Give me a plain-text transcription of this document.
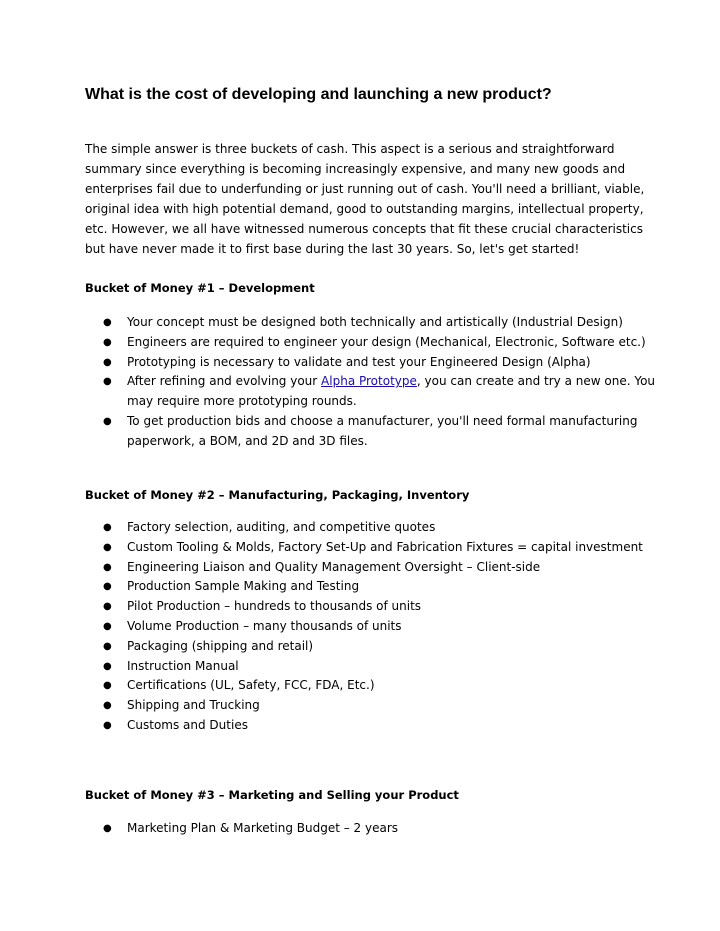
What is the cost of developing and launching a new product?

The simple answer is three buckets of cash. This aspect is a serious and straightforward
summary since everything is becoming increasingly expensive, and many new goods and
enterprises fail due to underfunding or just running out of cash. You'll need a brilliant, viable,
original idea with high potential demand, good to outstanding margins, intellectual property,
etc. However, we all have witnessed numerous concepts that fit these crucial characteristics
but have never made it to first base during the last 30 years. So, let's get started!

Bucket of Money #1 – Development
● Your concept must be designed both technically and artistically (Industrial Design)
● Engineers are required to engineer your design (Mechanical, Electronic, Software etc.)
● Prototyping is necessary to validate and test your Engineered Design (Alpha)
● After refining and evolving your Alpha Prototype, you can create and try a new one. You
may require more prototyping rounds.
● To get production bids and choose a manufacturer, you'll need formal manufacturing
paperwork, a BOM, and 2D and 3D files.
Bucket of Money #2 – Manufacturing, Packaging, Inventory
● Factory selection, auditing, and competitive quotes
● Custom Tooling & Molds, Factory Set-Up and Fabrication Fixtures = capital investment
● Engineering Liaison and Quality Management Oversight – Client-side
● Production Sample Making and Testing
● Pilot Production – hundreds to thousands of units
● Volume Production – many thousands of units
● Packaging (shipping and retail)
● Instruction Manual
● Certifications (UL, Safety, FCC, FDA, Etc.)
● Shipping and Trucking
● Customs and Duties
Bucket of Money #3 – Marketing and Selling your Product
● Marketing Plan & Marketing Budget – 2 years
